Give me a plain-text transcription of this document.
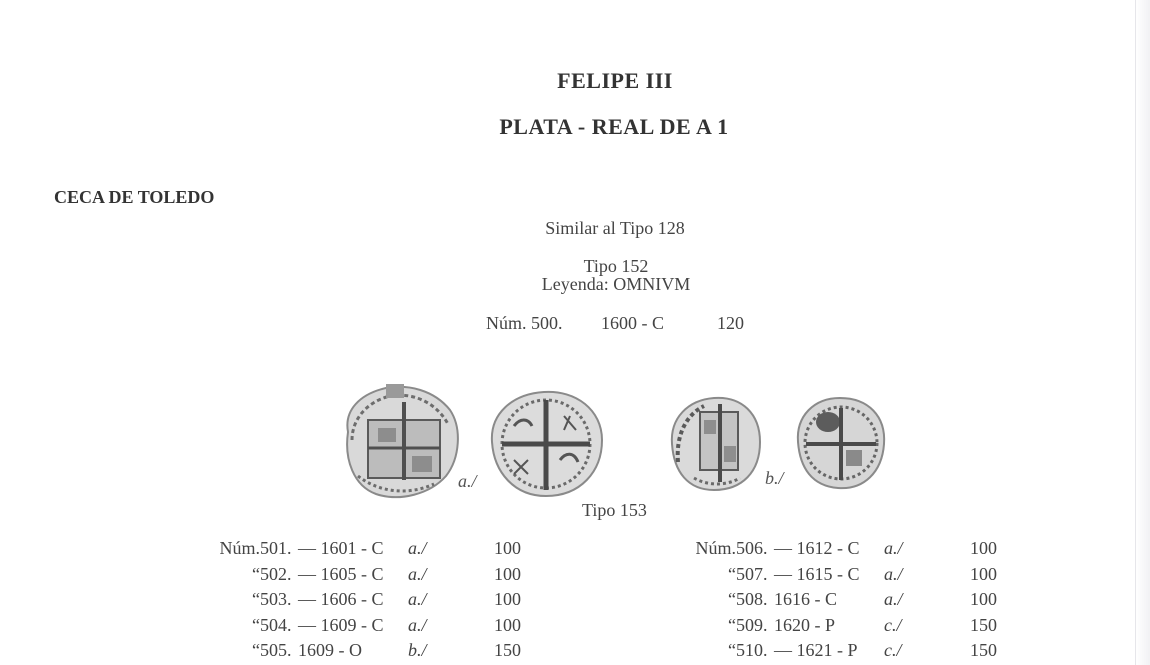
FELIPE III
PLATA - REAL DE A 1
CECA DE TOLEDO
Similar al Tipo 128
Tipo 152
Leyenda: OMNIVM
Núm. 500. 1600 - C	120
a./	b./
Tipo 153
Núm.	501.	— 1601 - C	a./	100
“	502.	— 1605 - C	a./	100
“	503.	— 1606 - C	a./	100
“	504.	— 1609 - C	a./	100
“	505.	1609 - O	b./	150
Núm.	506.	— 1612 - C	a./	100
“	507.	— 1615 - C	a./	100
“	508.	1616 - C	a./	100
“	509.	1620 - P	c./	150
“	510.	— 1621 - P	c./	150
